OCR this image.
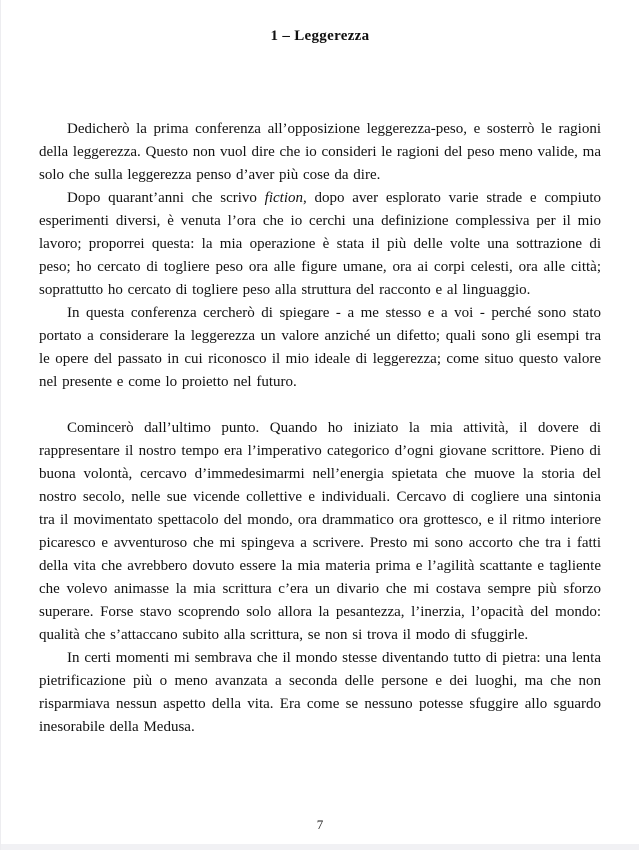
1 – Leggerezza

Dedicherò la prima conferenza all’opposizione leggerezza-peso, e sosterrò le ragioni della leggerezza. Questo non vuol dire che io consideri le ragioni del peso meno valide, ma solo che sulla leggerezza penso d’aver più cose da dire.

Dopo quarant’anni che scrivo fiction, dopo aver esplorato varie strade e compiuto esperimenti diversi, è venuta l’ora che io cerchi una definizione complessiva per il mio lavoro; proporrei questa: la mia operazione è stata il più delle volte una sottrazione di peso; ho cercato di togliere peso ora alle figure umane, ora ai corpi celesti, ora alle città; soprattutto ho cercato di togliere peso alla struttura del racconto e al linguaggio.

In questa conferenza cercherò di spiegare - a me stesso e a voi - perché sono stato portato a considerare la leggerezza un valore anziché un difetto; quali sono gli esempi tra le opere del passato in cui riconosco il mio ideale di leggerezza; come situo questo valore nel presente e come lo proietto nel futuro.

Comincerò dall’ultimo punto. Quando ho iniziato la mia attività, il dovere di rappresentare il nostro tempo era l’imperativo categorico d’ogni giovane scrittore. Pieno di buona volontà, cercavo d’immedesimarmi nell’energia spietata che muove la storia del nostro secolo, nelle sue vicende collettive e individuali. Cercavo di cogliere una sintonia tra il movimentato spettacolo del mondo, ora drammatico ora grottesco, e il ritmo interiore picaresco e avventuroso che mi spingeva a scrivere. Presto mi sono accorto che tra i fatti della vita che avrebbero dovuto essere la mia materia prima e l’agilità scattante e tagliente che volevo animasse la mia scrittura c’era un divario che mi costava sempre più sforzo superare. Forse stavo scoprendo solo allora la pesantezza, l’inerzia, l’opacità del mondo: qualità che s’attaccano subito alla scrittura, se non si trova il modo di sfuggirle.

In certi momenti mi sembrava che il mondo stesse diventando tutto di pietra: una lenta pietrificazione più o meno avanzata a seconda delle persone e dei luoghi, ma che non risparmiava nessun aspetto della vita. Era come se nessuno potesse sfuggire allo sguardo inesorabile della Medusa.

7
